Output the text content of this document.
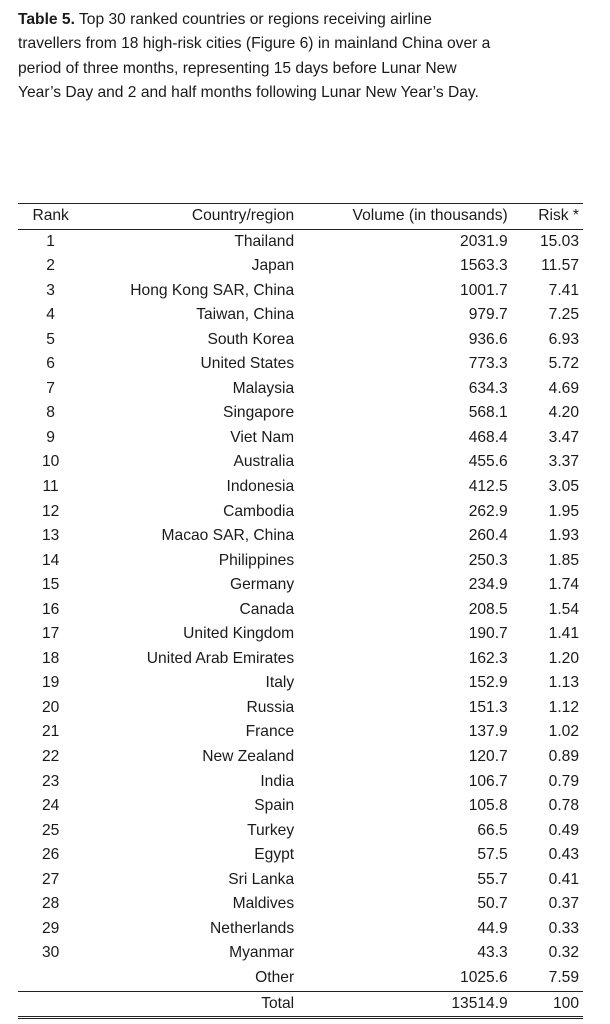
Table 5. Top 30 ranked countries or regions receiving airline travellers from 18 high-risk cities (Figure 6) in mainland China over a period of three months, representing 15 days before Lunar New Year’s Day and 2 and half months following Lunar New Year’s Day.
Rank	Country/region	Volume (in thousands)	Risk *
1	Thailand	2031.9	15.03
2	Japan	1563.3	11.57
3	Hong Kong SAR, China	1001.7	7.41
4	Taiwan, China	979.7	7.25
5	South Korea	936.6	6.93
6	United States	773.3	5.72
7	Malaysia	634.3	4.69
8	Singapore	568.1	4.20
9	Viet Nam	468.4	3.47
10	Australia	455.6	3.37
11	Indonesia	412.5	3.05
12	Cambodia	262.9	1.95
13	Macao SAR, China	260.4	1.93
14	Philippines	250.3	1.85
15	Germany	234.9	1.74
16	Canada	208.5	1.54
17	United Kingdom	190.7	1.41
18	United Arab Emirates	162.3	1.20
19	Italy	152.9	1.13
20	Russia	151.3	1.12
21	France	137.9	1.02
22	New Zealand	120.7	0.89
23	India	106.7	0.79
24	Spain	105.8	0.78
25	Turkey	66.5	0.49
26	Egypt	57.5	0.43
27	Sri Lanka	55.7	0.41
28	Maldives	50.7	0.37
29	Netherlands	44.9	0.33
30	Myanmar	43.3	0.32
	Other	1025.6	7.59
	Total	13514.9	100
